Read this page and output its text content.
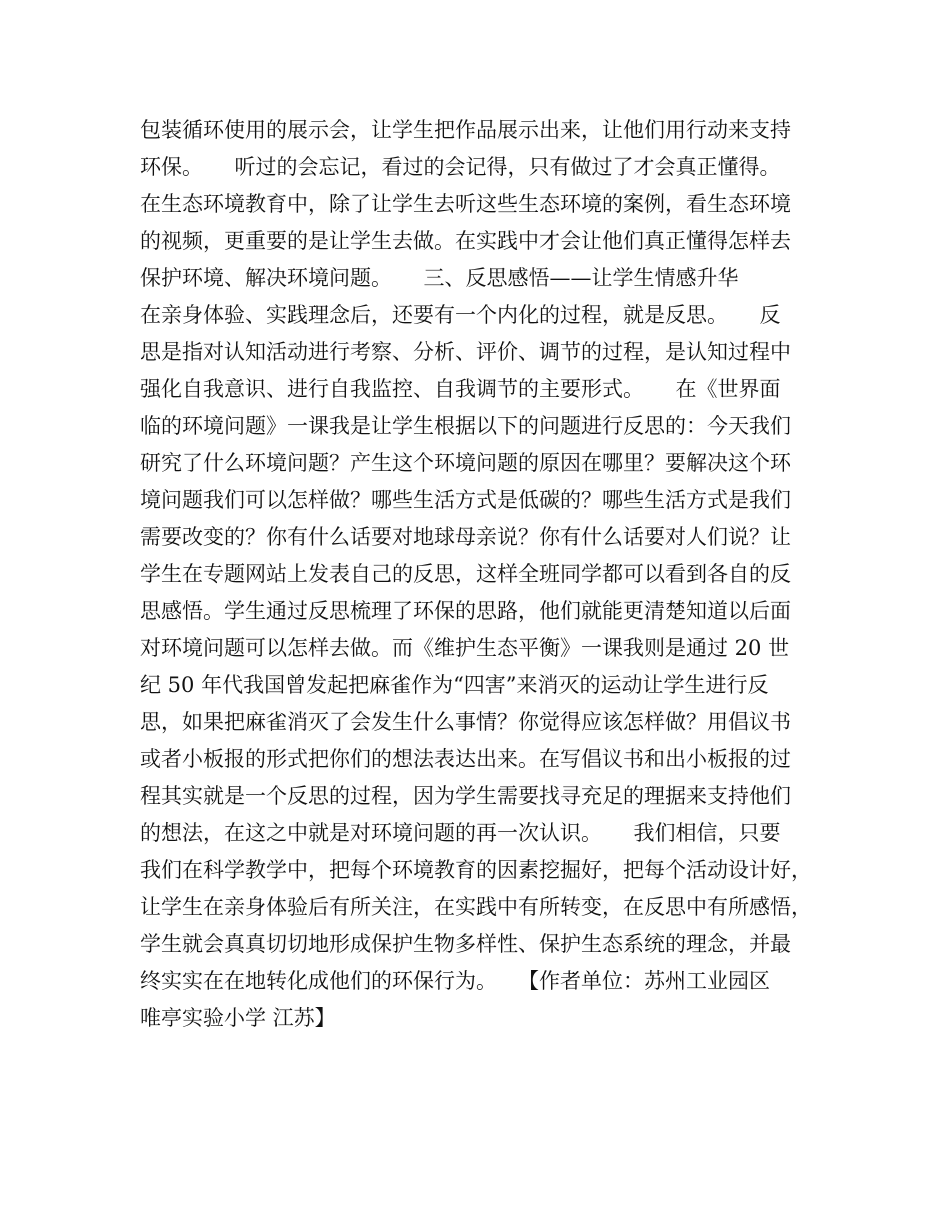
包装循环使用的展示会，让学生把作品展示出来，让他们用行动来支持
环保。　　听过的会忘记，看过的会记得，只有做过了才会真正懂得。
在生态环境教育中，除了让学生去听这些生态环境的案例，看生态环境
的视频，更重要的是让学生去做。在实践中才会让他们真正懂得怎样去
保护环境、解决环境问题。　　三、反思感悟——让学生情感升华
在亲身体验、实践理念后，还要有一个内化的过程，就是反思。　　反
思是指对认知活动进行考察、分析、评价、调节的过程，是认知过程中
强化自我意识、进行自我监控、自我调节的主要形式。　　在《世界面
临的环境问题》一课我是让学生根据以下的问题进行反思的：今天我们
研究了什么环境问题？产生这个环境问题的原因在哪里？要解决这个环
境问题我们可以怎样做？哪些生活方式是低碳的？哪些生活方式是我们
需要改变的？你有什么话要对地球母亲说？你有什么话要对人们说？让
学生在专题网站上发表自己的反思，这样全班同学都可以看到各自的反
思感悟。学生通过反思梳理了环保的思路，他们就能更清楚知道以后面
对环境问题可以怎样去做。而《维护生态平衡》一课我则是通过 20 世
纪 50 年代我国曾发起把麻雀作为“四害”来消灭的运动让学生进行反
思，如果把麻雀消灭了会发生什么事情？你觉得应该怎样做？用倡议书
或者小板报的形式把你们的想法表达出来。在写倡议书和出小板报的过
程其实就是一个反思的过程，因为学生需要找寻充足的理据来支持他们
的想法，在这之中就是对环境问题的再一次认识。　　我们相信，只要
我们在科学教学中，把每个环境教育的因素挖掘好，把每个活动设计好，
让学生在亲身体验后有所关注，在实践中有所转变，在反思中有所感悟，
学生就会真真切切地形成保护生物多样性、保护生态系统的理念，并最
终实实在在地转化成他们的环保行为。　　【作者单位：苏州工业园区
唯亭实验小学 江苏】
